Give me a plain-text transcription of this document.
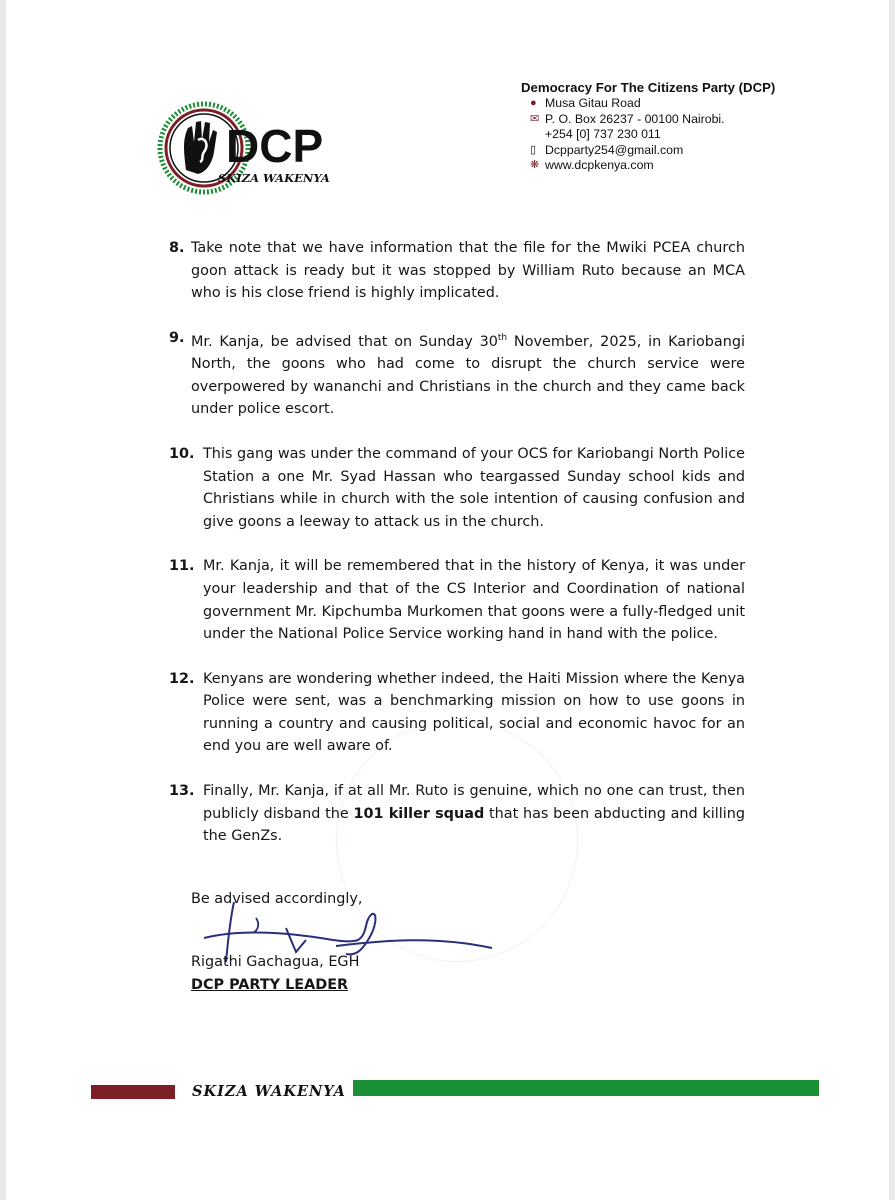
DCP
SKIZA WAKENYA
Democracy For The Citizens Party (DCP)
● Musa Gitau Road
✉ P. O. Box 26237 - 00100 Nairobi.
+254 [0] 737 230 011
▯ Dcpparty254@gmail.com
❋ www.dcpkenya.com
8. Take note that we have information that the file for the Mwiki PCEA church goon attack is ready but it was stopped by William Ruto because an MCA who is his close friend is highly implicated.
9. Mr. Kanja, be advised that on Sunday 30th November, 2025, in Kariobangi North, the goons who had come to disrupt the church service were overpowered by wananchi and Christians in the church and they came back under police escort.
10. This gang was under the command of your OCS for Kariobangi North Police Station a one Mr. Syad Hassan who teargassed Sunday school kids and Christians while in church with the sole intention of causing confusion and give goons a leeway to attack us in the church.
11. Mr. Kanja, it will be remembered that in the history of Kenya, it was under your leadership and that of the CS Interior and Coordination of national government Mr. Kipchumba Murkomen that goons were a fully-fledged unit under the National Police Service working hand in hand with the police.
12. Kenyans are wondering whether indeed, the Haiti Mission where the Kenya Police were sent, was a benchmarking mission on how to use goons in running a country and causing political, social and economic havoc for an end you are well aware of.
13. Finally, Mr. Kanja, if at all Mr. Ruto is genuine, which no one can trust, then publicly disband the 101 killer squad that has been abducting and killing the GenZs.
Be advised accordingly,
Rigathi Gachagua, EGH
DCP PARTY LEADER
SKIZA WAKENYA
